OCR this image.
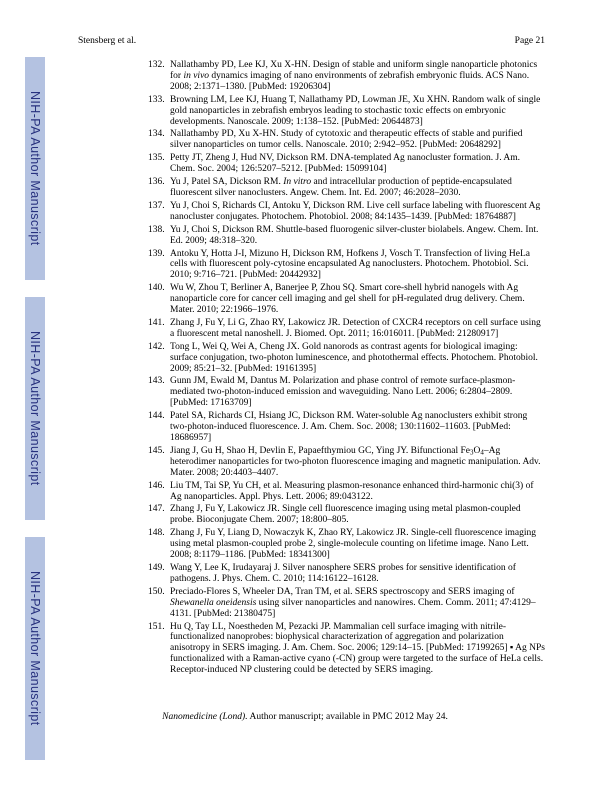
NIH-PA Author Manuscript
NIH-PA Author Manuscript
NIH-PA Author Manuscript
Stensberg et al.	Page 21
132. Nallathamby PD, Lee KJ, Xu X-HN. Design of stable and uniform single nanoparticle photonics for in vivo dynamics imaging of nano environments of zebrafish embryonic fluids. ACS Nano. 2008; 2:1371–1380. [PubMed: 19206304]
133. Browning LM, Lee KJ, Huang T, Nallathamy PD, Lowman JE, Xu XHN. Random walk of single gold nanoparticles in zebrafish embryos leading to stochastic toxic effects on embryonic developments. Nanoscale. 2009; 1:138–152. [PubMed: 20644873]
134. Nallathamby PD, Xu X-HN. Study of cytotoxic and therapeutic effects of stable and purified silver nanoparticles on tumor cells. Nanoscale. 2010; 2:942–952. [PubMed: 20648292]
135. Petty JT, Zheng J, Hud NV, Dickson RM. DNA-templated Ag nanocluster formation. J. Am. Chem. Soc. 2004; 126:5207–5212. [PubMed: 15099104]
136. Yu J, Patel SA, Dickson RM. In vitro and intracellular production of peptide-encapsulated fluorescent silver nanoclusters. Angew. Chem. Int. Ed. 2007; 46:2028–2030.
137. Yu J, Choi S, Richards CI, Antoku Y, Dickson RM. Live cell surface labeling with fluorescent Ag nanocluster conjugates. Photochem. Photobiol. 2008; 84:1435–1439. [PubMed: 18764887]
138. Yu J, Choi S, Dickson RM. Shuttle-based fluorogenic silver-cluster biolabels. Angew. Chem. Int. Ed. 2009; 48:318–320.
139. Antoku Y, Hotta J-I, Mizuno H, Dickson RM, Hofkens J, Vosch T. Transfection of living HeLa cells with fluorescent poly-cytosine encapsulated Ag nanoclusters. Photochem. Photobiol. Sci. 2010; 9:716–721. [PubMed: 20442932]
140. Wu W, Zhou T, Berliner A, Banerjee P, Zhou SQ. Smart core-shell hybrid nanogels with Ag nanoparticle core for cancer cell imaging and gel shell for pH-regulated drug delivery. Chem. Mater. 2010; 22:1966–1976.
141. Zhang J, Fu Y, Li G, Zhao RY, Lakowicz JR. Detection of CXCR4 receptors on cell surface using a fluorescent metal nanoshell. J. Biomed. Opt. 2011; 16:016011. [PubMed: 21280917]
142. Tong L, Wei Q, Wei A, Cheng JX. Gold nanorods as contrast agents for biological imaging: surface conjugation, two-photon luminescence, and photothermal effects. Photochem. Photobiol. 2009; 85:21–32. [PubMed: 19161395]
143. Gunn JM, Ewald M, Dantus M. Polarization and phase control of remote surface-plasmon-mediated two-photon-induced emission and waveguiding. Nano Lett. 2006; 6:2804–2809. [PubMed: 17163709]
144. Patel SA, Richards CI, Hsiang JC, Dickson RM. Water-soluble Ag nanoclusters exhibit strong two-photon-induced fluorescence. J. Am. Chem. Soc. 2008; 130:11602–11603. [PubMed: 18686957]
145. Jiang J, Gu H, Shao H, Devlin E, Papaefthymiou GC, Ying JY. Bifunctional $Fe_3O_4-Ag$ heterodimer nanoparticles for two-photon fluorescence imaging and magnetic manipulation. Adv. Mater. 2008; 20:4403–4407.
146. Liu TM, Tai SP, Yu CH, et al. Measuring plasmon-resonance enhanced third-harmonic chi(3) of Ag nanoparticles. Appl. Phys. Lett. 2006; 89:043122.
147. Zhang J, Fu Y, Lakowicz JR. Single cell fluorescence imaging using metal plasmon-coupled probe. Bioconjugate Chem. 2007; 18:800–805.
148. Zhang J, Fu Y, Liang D, Nowaczyk K, Zhao RY, Lakowicz JR. Single-cell fluorescence imaging using metal plasmon-coupled probe 2, single-molecule counting on lifetime image. Nano Lett. 2008; 8:1179–1186. [PubMed: 18341300]
149. Wang Y, Lee K, Irudayaraj J. Silver nanosphere SERS probes for sensitive identification of pathogens. J. Phys. Chem. C. 2010; 114:16122–16128.
150. Preciado-Flores S, Wheeler DA, Tran TM, et al. SERS spectroscopy and SERS imaging of Shewanella oneidensis using silver nanoparticles and nanowires. Chem. Comm. 2011; 47:4129–4131. [PubMed: 21380475]
151. Hu Q, Tay LL, Noestheden M, Pezacki JP. Mammalian cell surface imaging with nitrile-functionalized nanoprobes: biophysical characterization of aggregation and polarization anisotropy in SERS imaging. J. Am. Chem. Soc. 2006; 129:14–15. [PubMed: 17199265] ▪ Ag NPs functionalized with a Raman-active cyano (-CN) group were targeted to the surface of HeLa cells. Receptor-induced NP clustering could be detected by SERS imaging.
Nanomedicine (Lond). Author manuscript; available in PMC 2012 May 24.
